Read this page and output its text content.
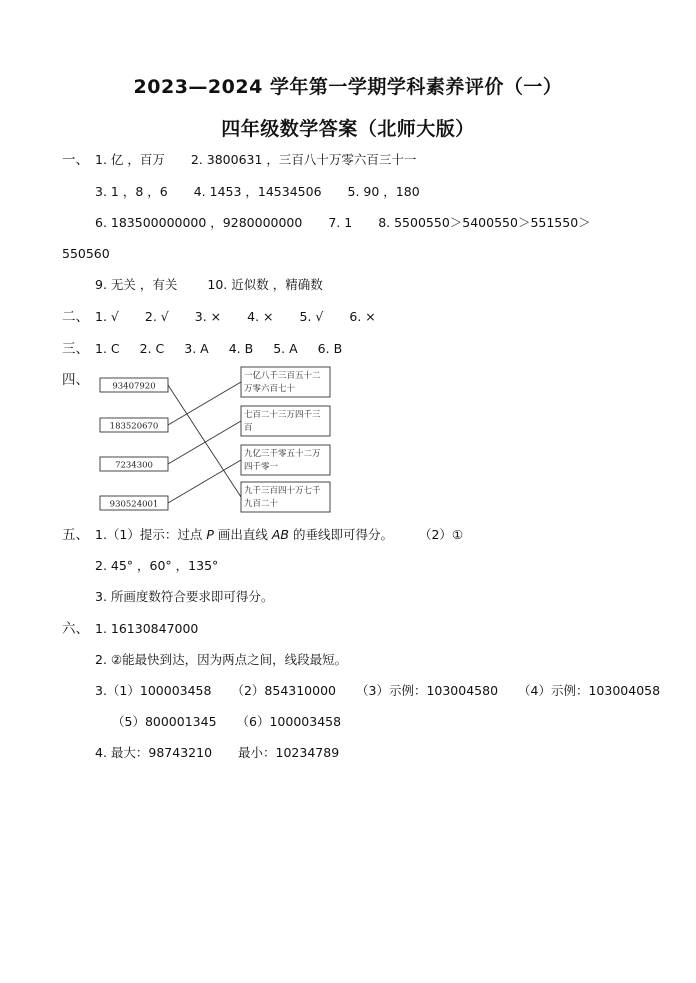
2023—2024 学年第一学期学科素养评价（一）
四年级数学答案（北师大版）
一、 1. 亿 ，百万 2. 3800631 ，三百八十万零六百三十一
3. 1 ，8 ，6 4. 1453 ，14534506 5. 90 ，180
6. 183500000000 ，9280000000 7. 1 8. 5500550＞5400550＞551550＞
550560
9. 无关 ，有关 10. 近似数 ，精确数
二、 1. √ 2. √ 3. × 4. × 5. √ 6. ×
三、 1. C 2. C 3. A 4. B 5. A 6. B
四、	93407920
183520670
7234300
930524001
一亿八千三百五十二
万零六百七十
七百二十三万四千三
百
九亿三千零五十二万
四千零一
九千三百四十万七千
九百二十
五、 1.（1）提示：过点 P 画出直线 AB 的垂线即可得分。 （2）①
2. 45° ，60° ，135°
3. 所画度数符合要求即可得分。
六、 1. 16130847000
2. ②能最快到达，因为两点之间，线段最短。
3.（1）100003458 （2）854310000 （3）示例：103004580 （4）示例：103004058
（5）800001345 （6）100003458
4. 最大：98743210 最小：10234789
